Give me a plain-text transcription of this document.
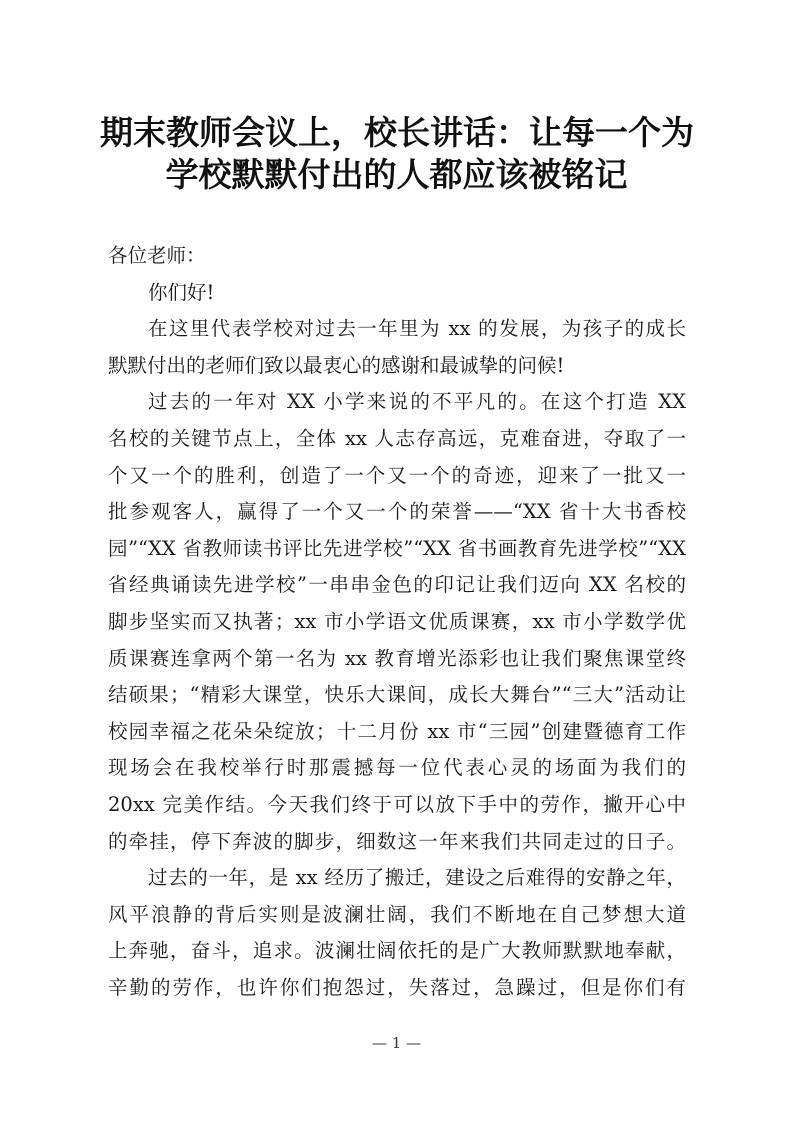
期末教师会议上，校长讲话：让每一个为
学校默默付出的人都应该被铭记
各位老师：
你们好!
在这里代表学校对过去一年里为 xx 的发展，为孩子的成长
默默付出的老师们致以最衷心的感谢和最诚挚的问候!
过去的一年对 XX 小学来说的不平凡的。在这个打造 XX
名校的关键节点上，全体 xx 人志存高远，克难奋进，夺取了一
个又一个的胜利，创造了一个又一个的奇迹，迎来了一批又一
批参观客人，赢得了一个又一个的荣誉——“XX 省十大书香校
园”“XX 省教师读书评比先进学校”“XX 省书画教育先进学校”“XX
省经典诵读先进学校”一串串金色的印记让我们迈向 XX 名校的
脚步坚实而又执著；xx 市小学语文优质课赛，xx 市小学数学优
质课赛连拿两个第一名为 xx 教育增光添彩也让我们聚焦课堂终
结硕果；“精彩大课堂，快乐大课间，成长大舞台”“三大”活动让
校园幸福之花朵朵绽放；十二月份 xx 市“三园”创建暨德育工作
现场会在我校举行时那震撼每一位代表心灵的场面为我们的
20xx 完美作结。今天我们终于可以放下手中的劳作，撇开心中
的牵挂，停下奔波的脚步，细数这一年来我们共同走过的日子。
过去的一年，是 xx 经历了搬迁，建设之后难得的安静之年，
风平浪静的背后实则是波澜壮阔，我们不断地在自己梦想大道
上奔驰，奋斗，追求。波澜壮阔依托的是广大教师默默地奉献，
辛勤的劳作，也许你们抱怨过，失落过，急躁过，但是你们有
— 1 —
